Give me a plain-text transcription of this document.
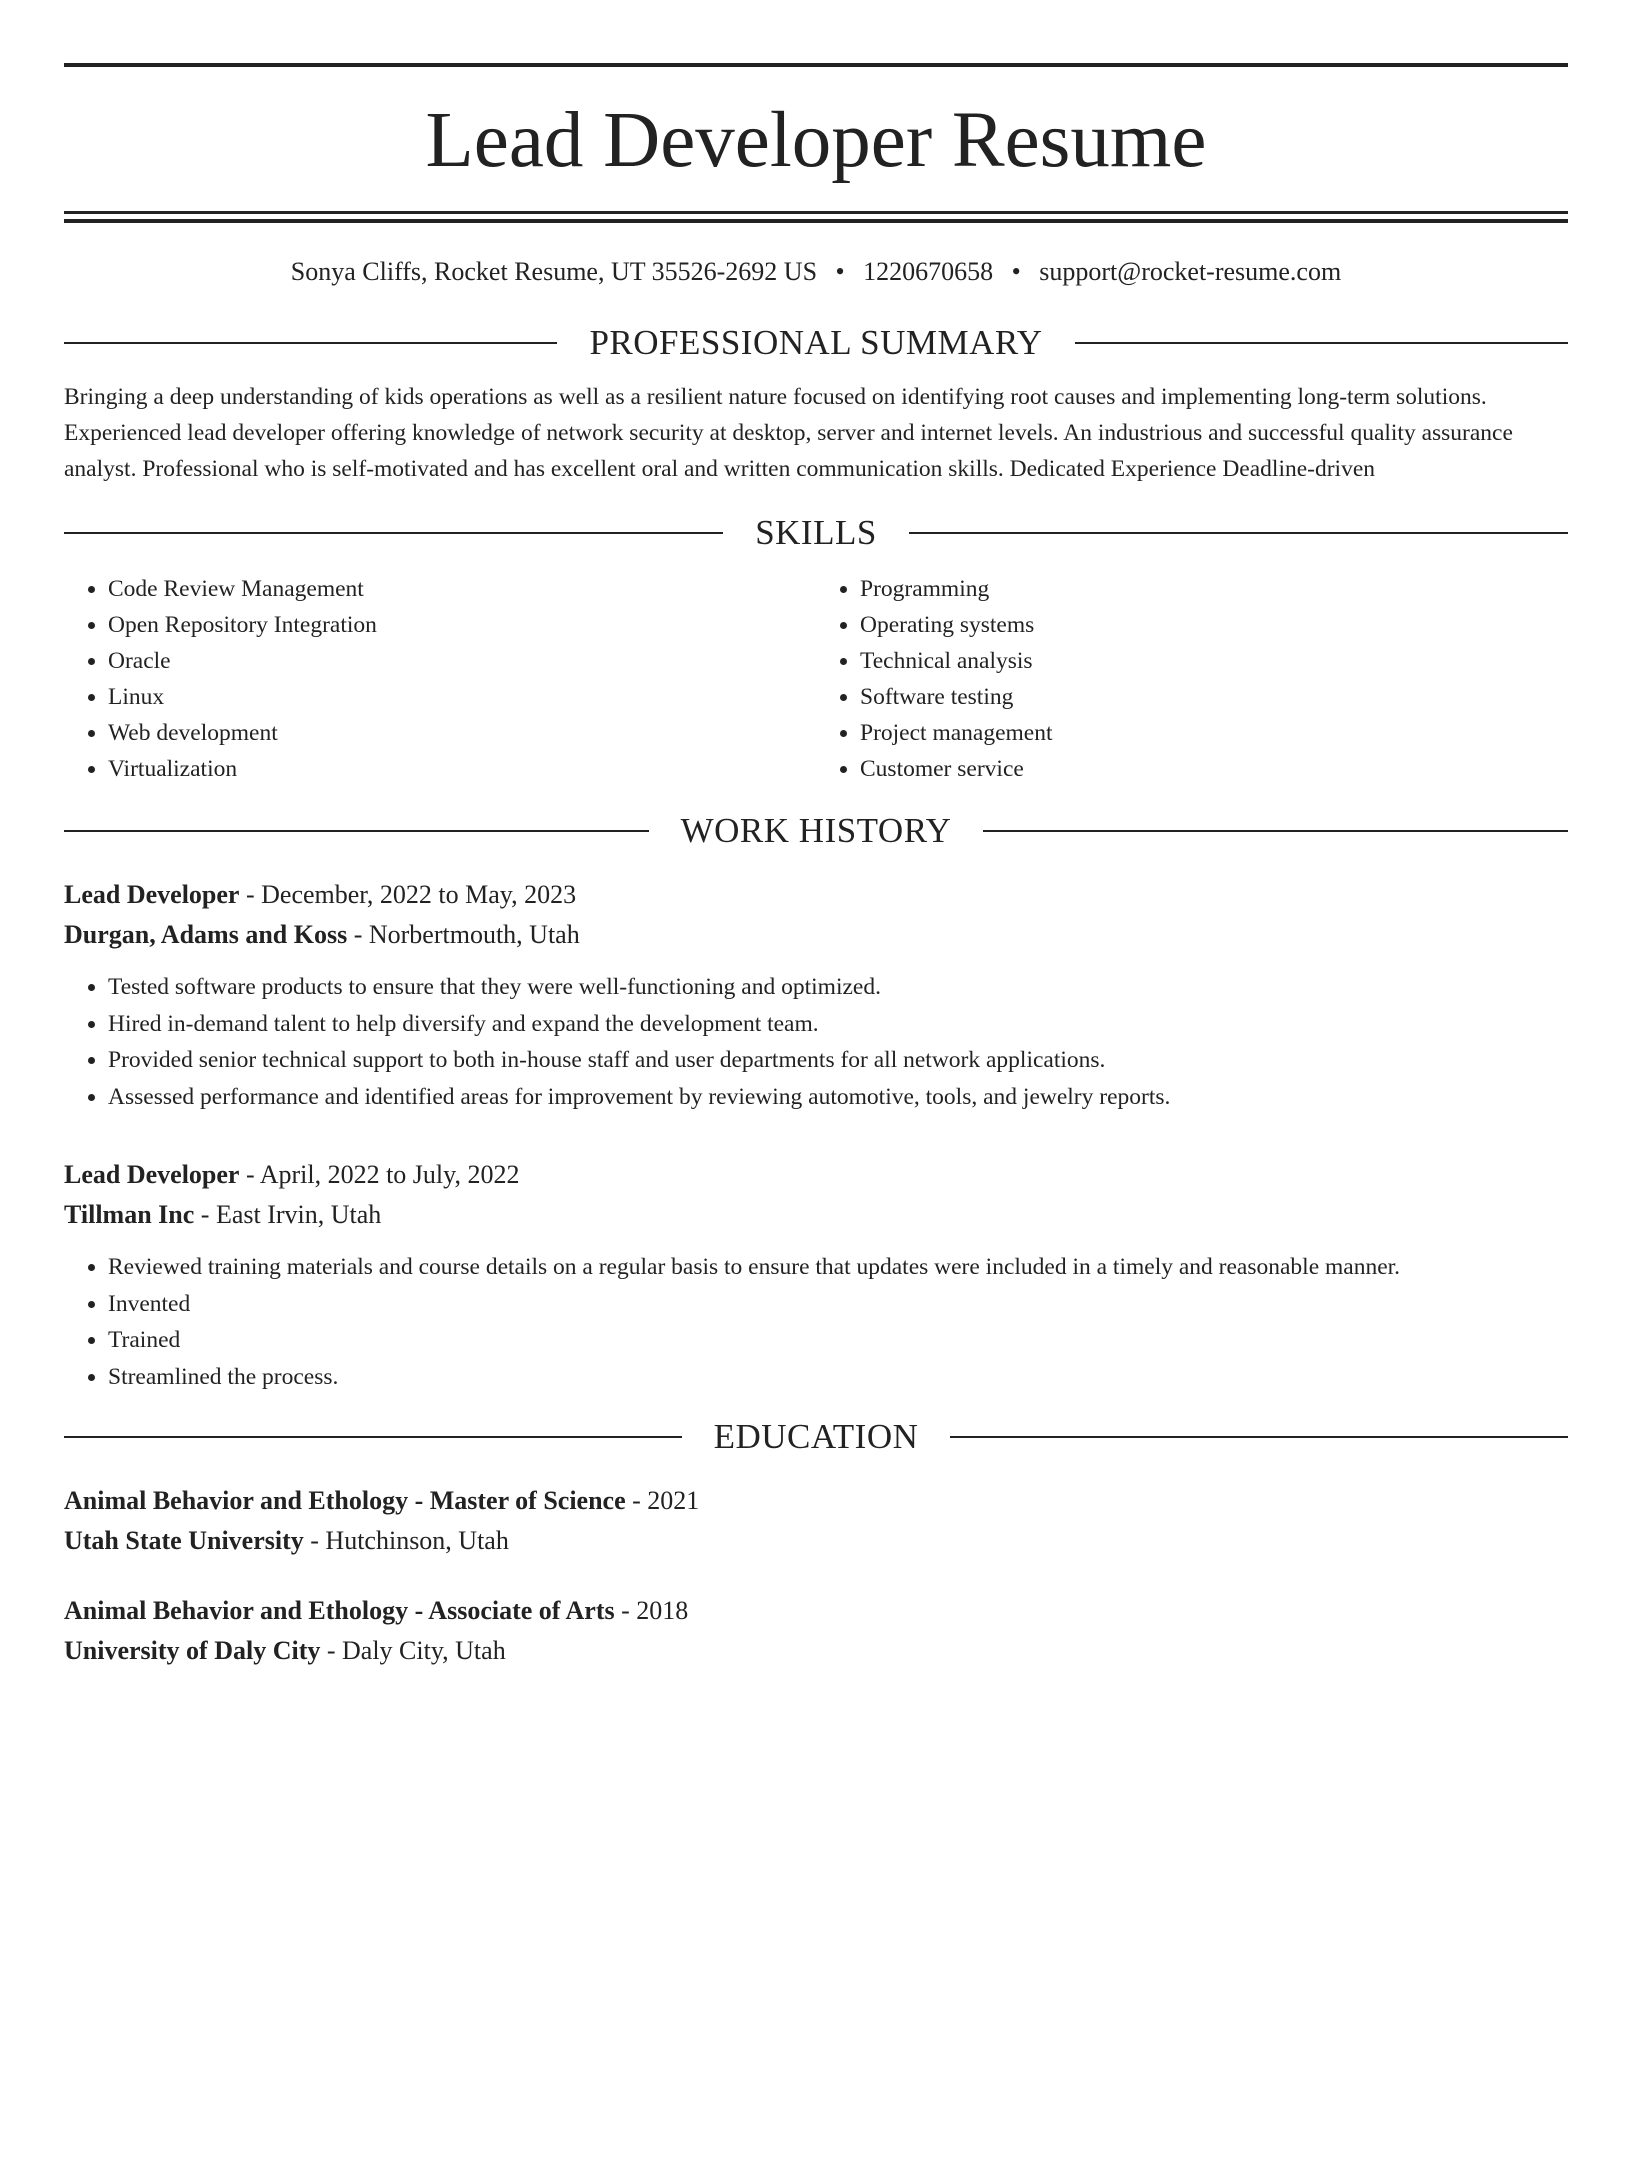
Lead Developer Resume
Sonya Cliffs, Rocket Resume, UT 35526-2692 US • 1220670658 • support@rocket-resume.com
PROFESSIONAL SUMMARY
Bringing a deep understanding of kids operations as well as a resilient nature focused on identifying root causes and implementing long-term solutions. Experienced lead developer offering knowledge of network security at desktop, server and internet levels. An industrious and successful quality assurance analyst. Professional who is self-motivated and has excellent oral and written communication skills. Dedicated Experience Deadline-driven
SKILLS
• Code Review Management
• Open Repository Integration
• Oracle
• Linux
• Web development
• Virtualization
• Programming
• Operating systems
• Technical analysis
• Software testing
• Project management
• Customer service
WORK HISTORY
Lead Developer - December, 2022 to May, 2023
Durgan, Adams and Koss - Norbertmouth, Utah
• Tested software products to ensure that they were well-functioning and optimized.
• Hired in-demand talent to help diversify and expand the development team.
• Provided senior technical support to both in-house staff and user departments for all network applications.
• Assessed performance and identified areas for improvement by reviewing automotive, tools, and jewelry reports.
Lead Developer - April, 2022 to July, 2022
Tillman Inc - East Irvin, Utah
• Reviewed training materials and course details on a regular basis to ensure that updates were included in a timely and reasonable manner.
• Invented
• Trained
• Streamlined the process.
EDUCATION
Animal Behavior and Ethology - Master of Science - 2021
Utah State University - Hutchinson, Utah
Animal Behavior and Ethology - Associate of Arts - 2018
University of Daly City - Daly City, Utah
